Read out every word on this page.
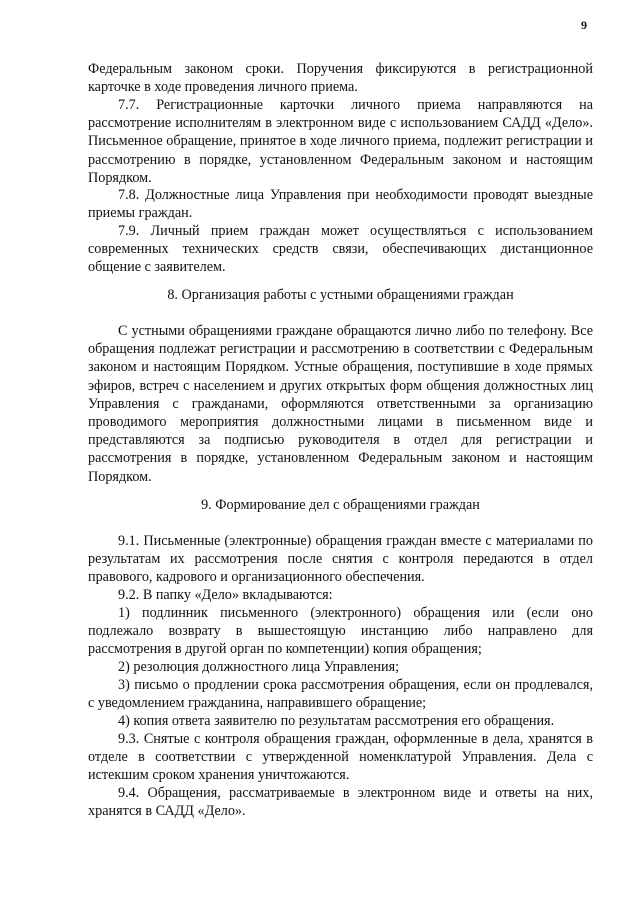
9

Федеральным законом сроки. Поручения фиксируются в регистрационной карточке в ходе проведения личного приема.

7.7. Регистрационные карточки личного приема направляются на рассмотрение исполнителям в электронном виде с использованием САДД «Дело». Письменное обращение, принятое в ходе личного приема, подлежит регистрации и рассмотрению в порядке, установленном Федеральным законом и настоящим Порядком.

7.8. Должностные лица Управления при необходимости проводят выездные приемы граждан.

7.9. Личный прием граждан может осуществляться с использованием современных технических средств связи, обеспечивающих дистанционное общение с заявителем.

8. Организация работы с устными обращениями граждан

С устными обращениями граждане обращаются лично либо по телефону. Все обращения подлежат регистрации и рассмотрению в соответствии с Федеральным законом и настоящим Порядком. Устные обращения, поступившие в ходе прямых эфиров, встреч с населением и других открытых форм общения должностных лиц Управления с гражданами, оформляются ответственными за организацию проводимого мероприятия должностными лицами в письменном виде и представляются за подписью руководителя в отдел для регистрации и рассмотрения в порядке, установленном Федеральным законом и настоящим Порядком.

9. Формирование дел с обращениями граждан

9.1. Письменные (электронные) обращения граждан вместе с материалами по результатам их рассмотрения после снятия с контроля передаются в отдел правового, кадрового и организационного обеспечения.

9.2. В папку «Дело» вкладываются:

1) подлинник письменного (электронного) обращения или (если оно подлежало возврату в вышестоящую инстанцию либо направлено для рассмотрения в другой орган по компетенции) копия обращения;

2) резолюция должностного лица Управления;

3) письмо о продлении срока рассмотрения обращения, если он продлевался, с уведомлением гражданина, направившего обращение;

4) копия ответа заявителю по результатам рассмотрения его обращения.

9.3. Снятые с контроля обращения граждан, оформленные в дела, хранятся в отделе в соответствии с утвержденной номенклатурой Управления. Дела с истекшим сроком хранения уничтожаются.

9.4. Обращения, рассматриваемые в электронном виде и ответы на них, хранятся в САДД «Дело».
